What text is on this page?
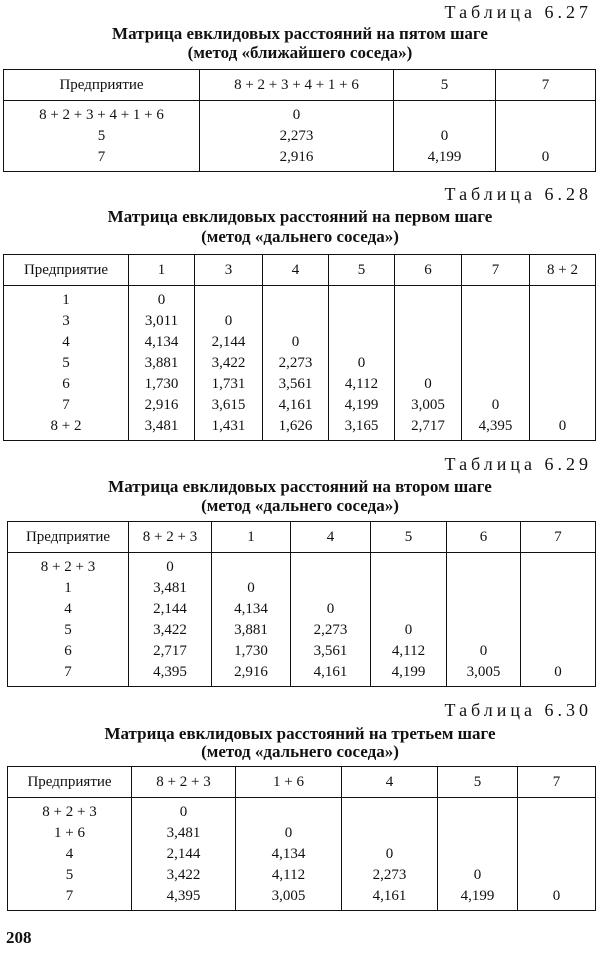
Таблица 6.27
Матрица евклидовых расстояний на пятом шаге
(метод «ближайшего соседа»)
Предприятие	8 + 2 + 3 + 4 + 1 + 6	5	7
8 + 2 + 3 + 4 + 1 + 6	0		
5	2,273	0	
7	2,916	4,199	0
Таблица 6.28
Матрица евклидовых расстояний на первом шаге
(метод «дальнего соседа»)
Предприятие	1	3	4	5	6	7	8 + 2
1	0						
3	3,011	0					
4	4,134	2,144	0				
5	3,881	3,422	2,273	0			
6	1,730	1,731	3,561	4,112	0		
7	2,916	3,615	4,161	4,199	3,005	0	
8 + 2	3,481	1,431	1,626	3,165	2,717	4,395	0
Таблица 6.29
Матрица евклидовых расстояний на втором шаге
(метод «дальнего соседа»)
Предприятие	8 + 2 + 3	1	4	5	6	7
8 + 2 + 3	0					
1	3,481	0				
4	2,144	4,134	0			
5	3,422	3,881	2,273	0		
6	2,717	1,730	3,561	4,112	0	
7	4,395	2,916	4,161	4,199	3,005	0
Таблица 6.30
Матрица евклидовых расстояний на третьем шаге
(метод «дальнего соседа»)
Предприятие	8 + 2 + 3	1 + 6	4	5	7
8 + 2 + 3	0				
1 + 6	3,481	0			
4	2,144	4,134	0		
5	3,422	4,112	2,273	0	
7	4,395	3,005	4,161	4,199	0
208
